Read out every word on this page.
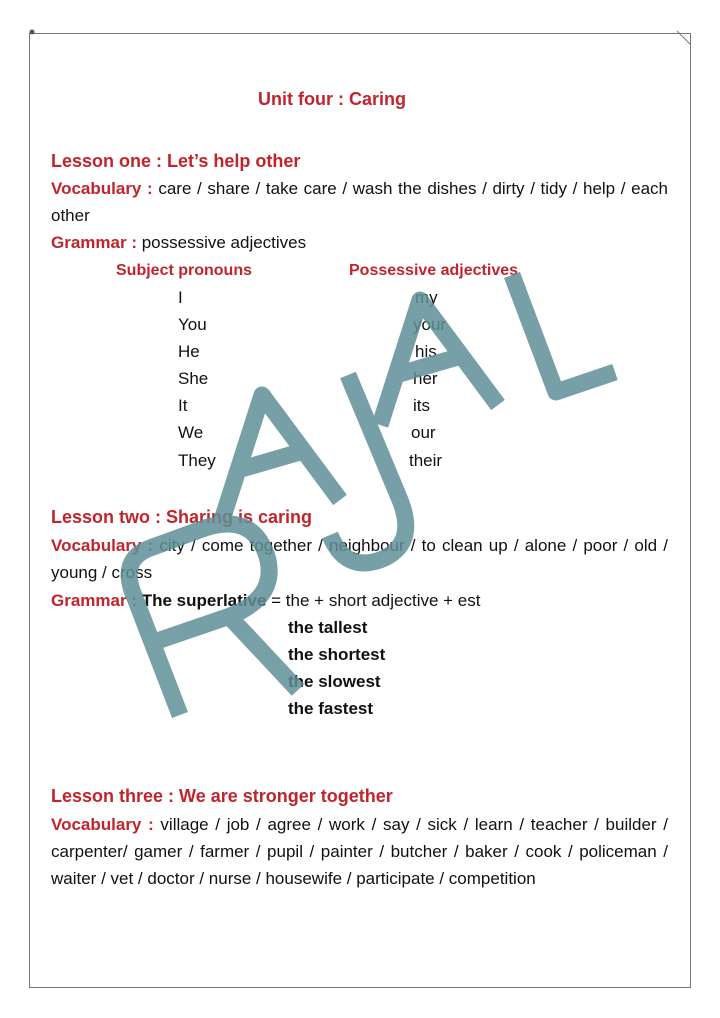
Unit four : Caring
Lesson one : Let’s help other
Vocabulary : care / share / take care / wash the dishes / dirty / tidy / help / each other
Grammar : possessive adjectives
Subject pronouns	Possessive adjectives
I	my
You	your
He	his
She	her
It	its
We	our
They	their
Lesson two : Sharing is caring
Vocabulary : city / come together / neighbour / to clean up / alone / poor / old / young / cross
Grammar : The superlative = the + short adjective + est
the tallest
the shortest
the slowest
the fastest
Lesson three : We are stronger together
Vocabulary : village / job / agree / work / say / sick / learn / teacher / builder / carpenter/ gamer / farmer / pupil / painter / butcher / baker / cook / policeman / waiter / vet / doctor / nurse / housewife / participate / competition
